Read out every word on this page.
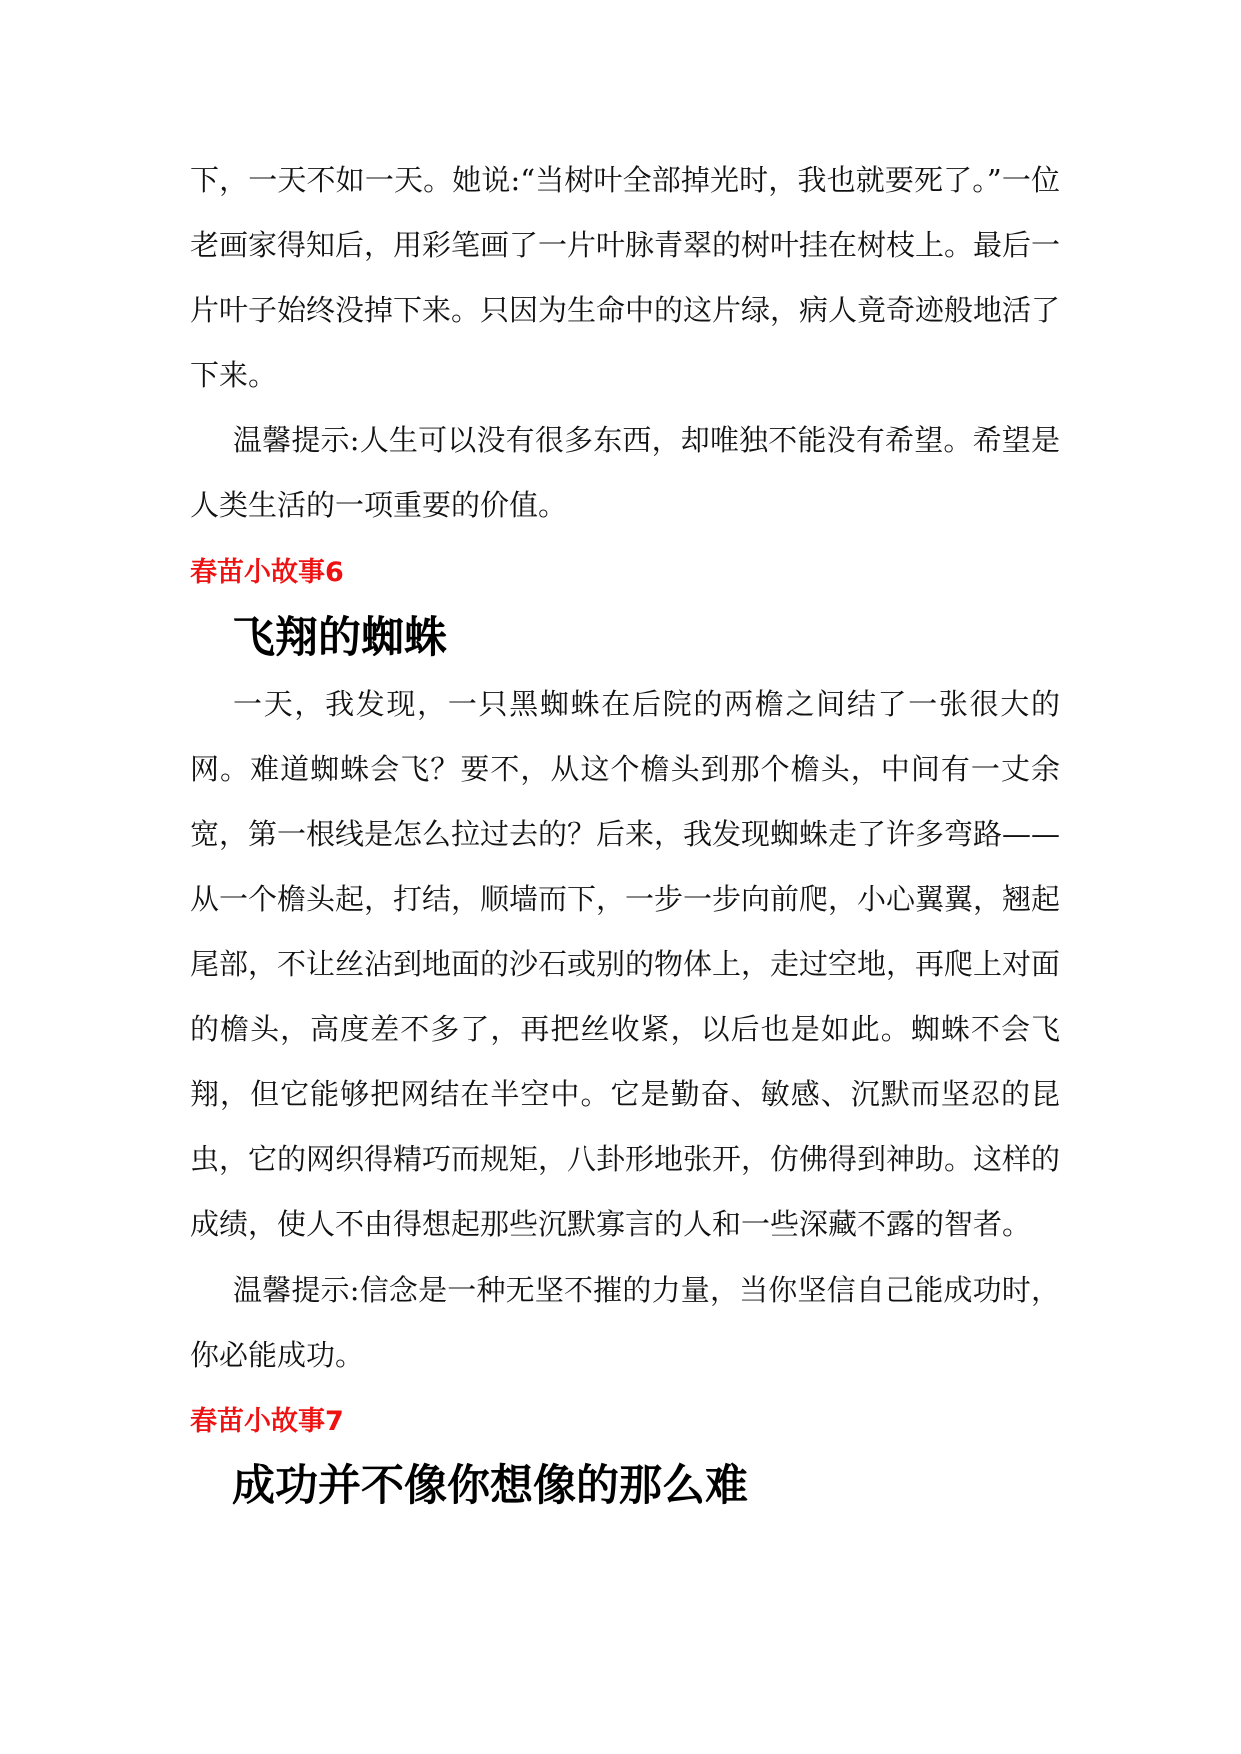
下，一天不如一天。她说:“当树叶全部掉光时，我也就要死了。”一位老画家得知后，用彩笔画了一片叶脉青翠的树叶挂在树枝上。最后一片叶子始终没掉下来。只因为生命中的这片绿，病人竟奇迹般地活了下来。

温馨提示:人生可以没有很多东西，却唯独不能没有希望。希望是人类生活的一项重要的价值。

春苗小故事6
飞翔的蜘蛛

一天，我发现，一只黑蜘蛛在后院的两檐之间结了一张很大的网。难道蜘蛛会飞？要不，从这个檐头到那个檐头，中间有一丈余宽，第一根线是怎么拉过去的？后来，我发现蜘蛛走了许多弯路——从一个檐头起，打结，顺墙而下，一步一步向前爬，小心翼翼，翘起尾部，不让丝沾到地面的沙石或别的物体上，走过空地，再爬上对面的檐头，高度差不多了，再把丝收紧，以后也是如此。蜘蛛不会飞翔，但它能够把网结在半空中。它是勤奋、敏感、沉默而坚忍的昆虫，它的网织得精巧而规矩，八卦形地张开，仿佛得到神助。这样的成绩，使人不由得想起那些沉默寡言的人和一些深藏不露的智者。

温馨提示:信念是一种无坚不摧的力量，当你坚信自己能成功时，你必能成功。

春苗小故事7
成功并不像你想像的那么难
